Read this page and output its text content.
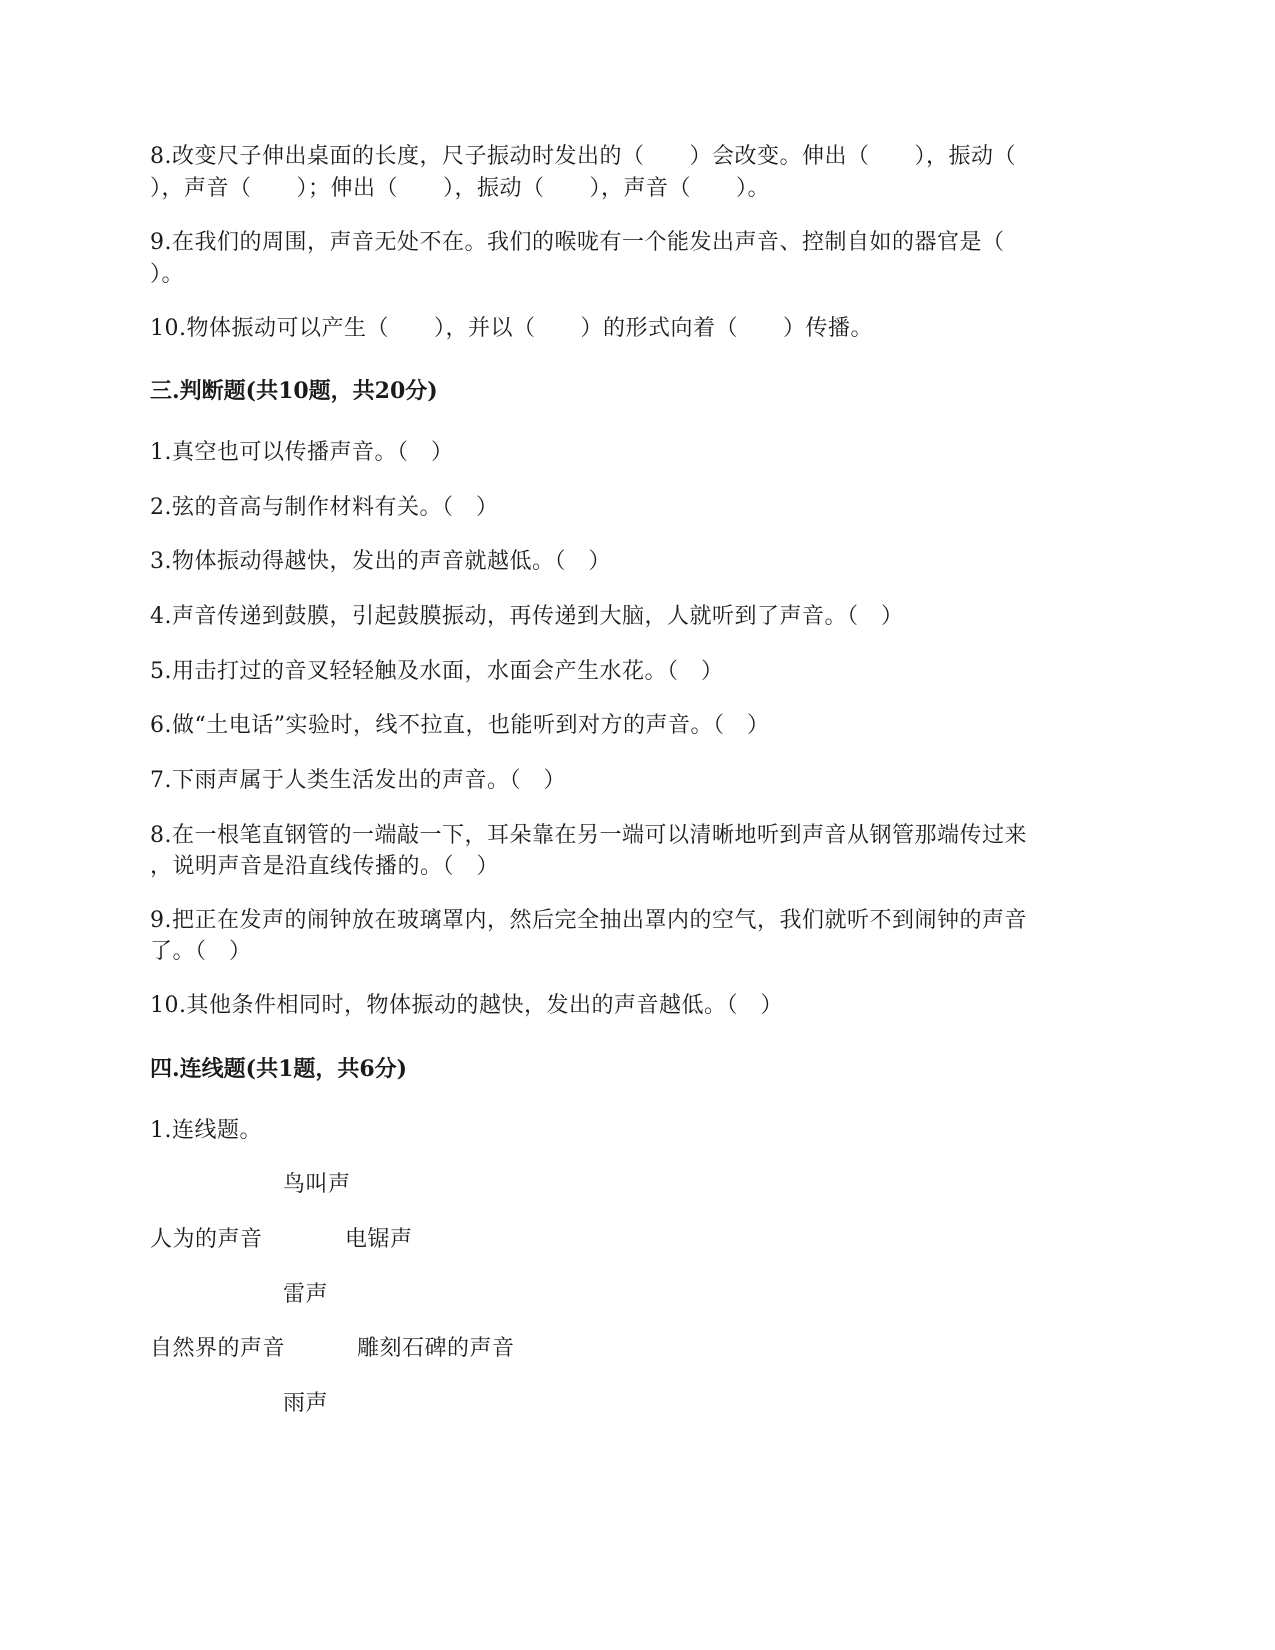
8.改变尺子伸出桌面的长度，尺子振动时发出的（　　）会改变。伸出（　　），振动（
），声音（　　）；伸出（　　），振动（　　），声音（　　）。
9.在我们的周围，声音无处不在。我们的喉咙有一个能发出声音、控制自如的器官是（
）。
10.物体振动可以产生（　　），并以（　　）的形式向着（　　）传播。
三.判断题(共10题，共20分)
1.真空也可以传播声音。（　）
2.弦的音高与制作材料有关。（　）
3.物体振动得越快，发出的声音就越低。（　）
4.声音传递到鼓膜，引起鼓膜振动，再传递到大脑，人就听到了声音。（　）
5.用击打过的音叉轻轻触及水面，水面会产生水花。（　）
6.做“土电话”实验时，线不拉直，也能听到对方的声音。（　）
7.下雨声属于人类生活发出的声音。（　）
8.在一根笔直钢管的一端敲一下，耳朵靠在另一端可以清晰地听到声音从钢管那端传过来
，说明声音是沿直线传播的。（　）
9.把正在发声的闹钟放在玻璃罩内，然后完全抽出罩内的空气，我们就听不到闹钟的声音
了。（　）
10.其他条件相同时，物体振动的越快，发出的声音越低。（　）
四.连线题(共1题，共6分)
1.连线题。
鸟叫声
人为的声音	电锯声
雷声
自然界的声音	雕刻石碑的声音
雨声
